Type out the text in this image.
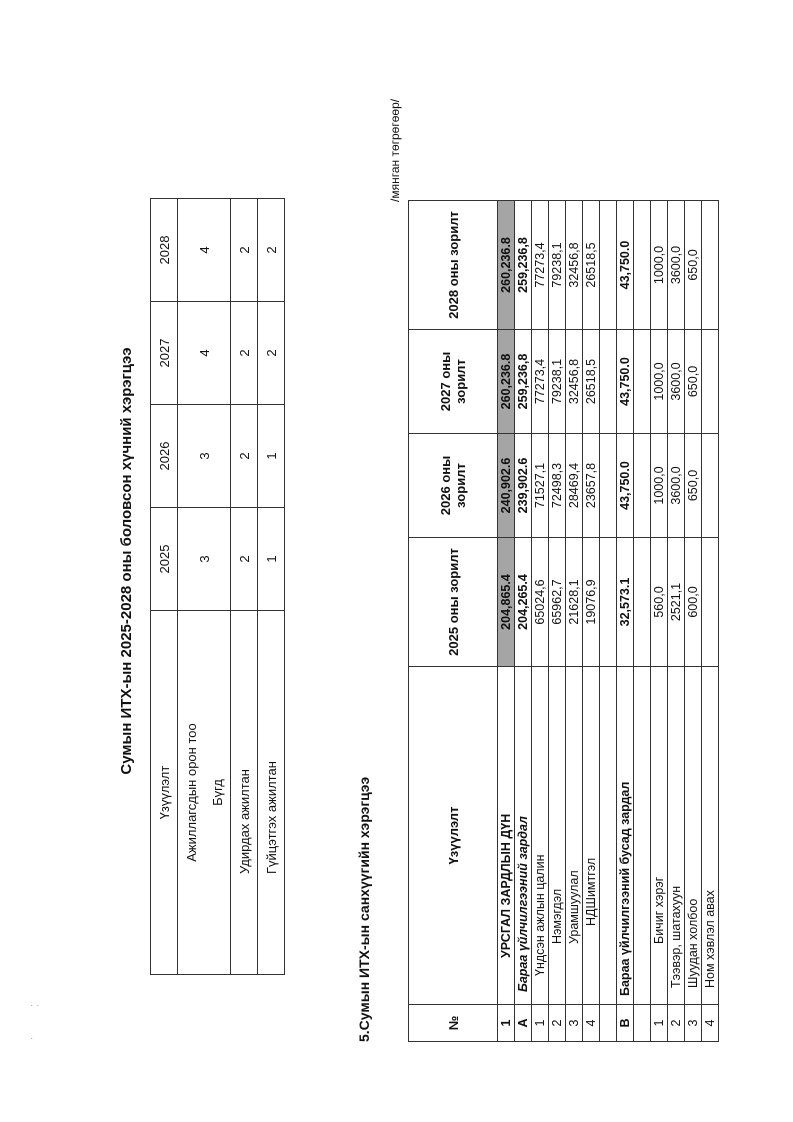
· ·

·
Сумын ИТХ-ын 2025-2028 оны боловсон хүчний хэрэгцээ
Үзүүлэлт	2025	2026	2027	2028
Ажиллагсдын орон тоо	3	3	4	4
Бүгд				
Удирдах ажилтан	2	2	2	2
Гүйцэтгэх ажилтан	1	1	2	2
5.Сумын ИТХ-ын санхүүгийн хэрэгцээ

/мянган төгрөгөөр/

№	Үзүүлэлт	2025 оны зорилт	2026 оны зорилт	2027 оны зорилт	2028 оны зорилт
1	УРСГАЛ ЗАРДЛЫН ДҮН	204,865.4	240,902.6	260,236.8	260,236.8
А	Бараа үйлчилгээний зардал	204,265.4	239,902.6	259,236,8	259,236,8
1	Үндсэн ажлын цалин	65024,6	71527,1	77273,4	77273,4
2	Нэмэгдэл	65962,7	72498,3	79238,1	79238,1
3	Урамшуулал	21628,1	28469,4	32456,8	32456,8
4	НДШимтгэл	19076,9	23657,8	26518,5	26518,5

В	Бараа үйлчилгээний бусад зардал	32,573.1	43,750.0	43,750.0	43,750.0

1	Бичиг хэрэг	560,0	1000,0	1000,0	1000,0
2	Тээвэр, шатахуун	2521,1	3600,0	3600,0	3600,0
3	Шуудан холбоо	600,0	650,0	650,0	650,0
4	Ном хэвлэл авах				
